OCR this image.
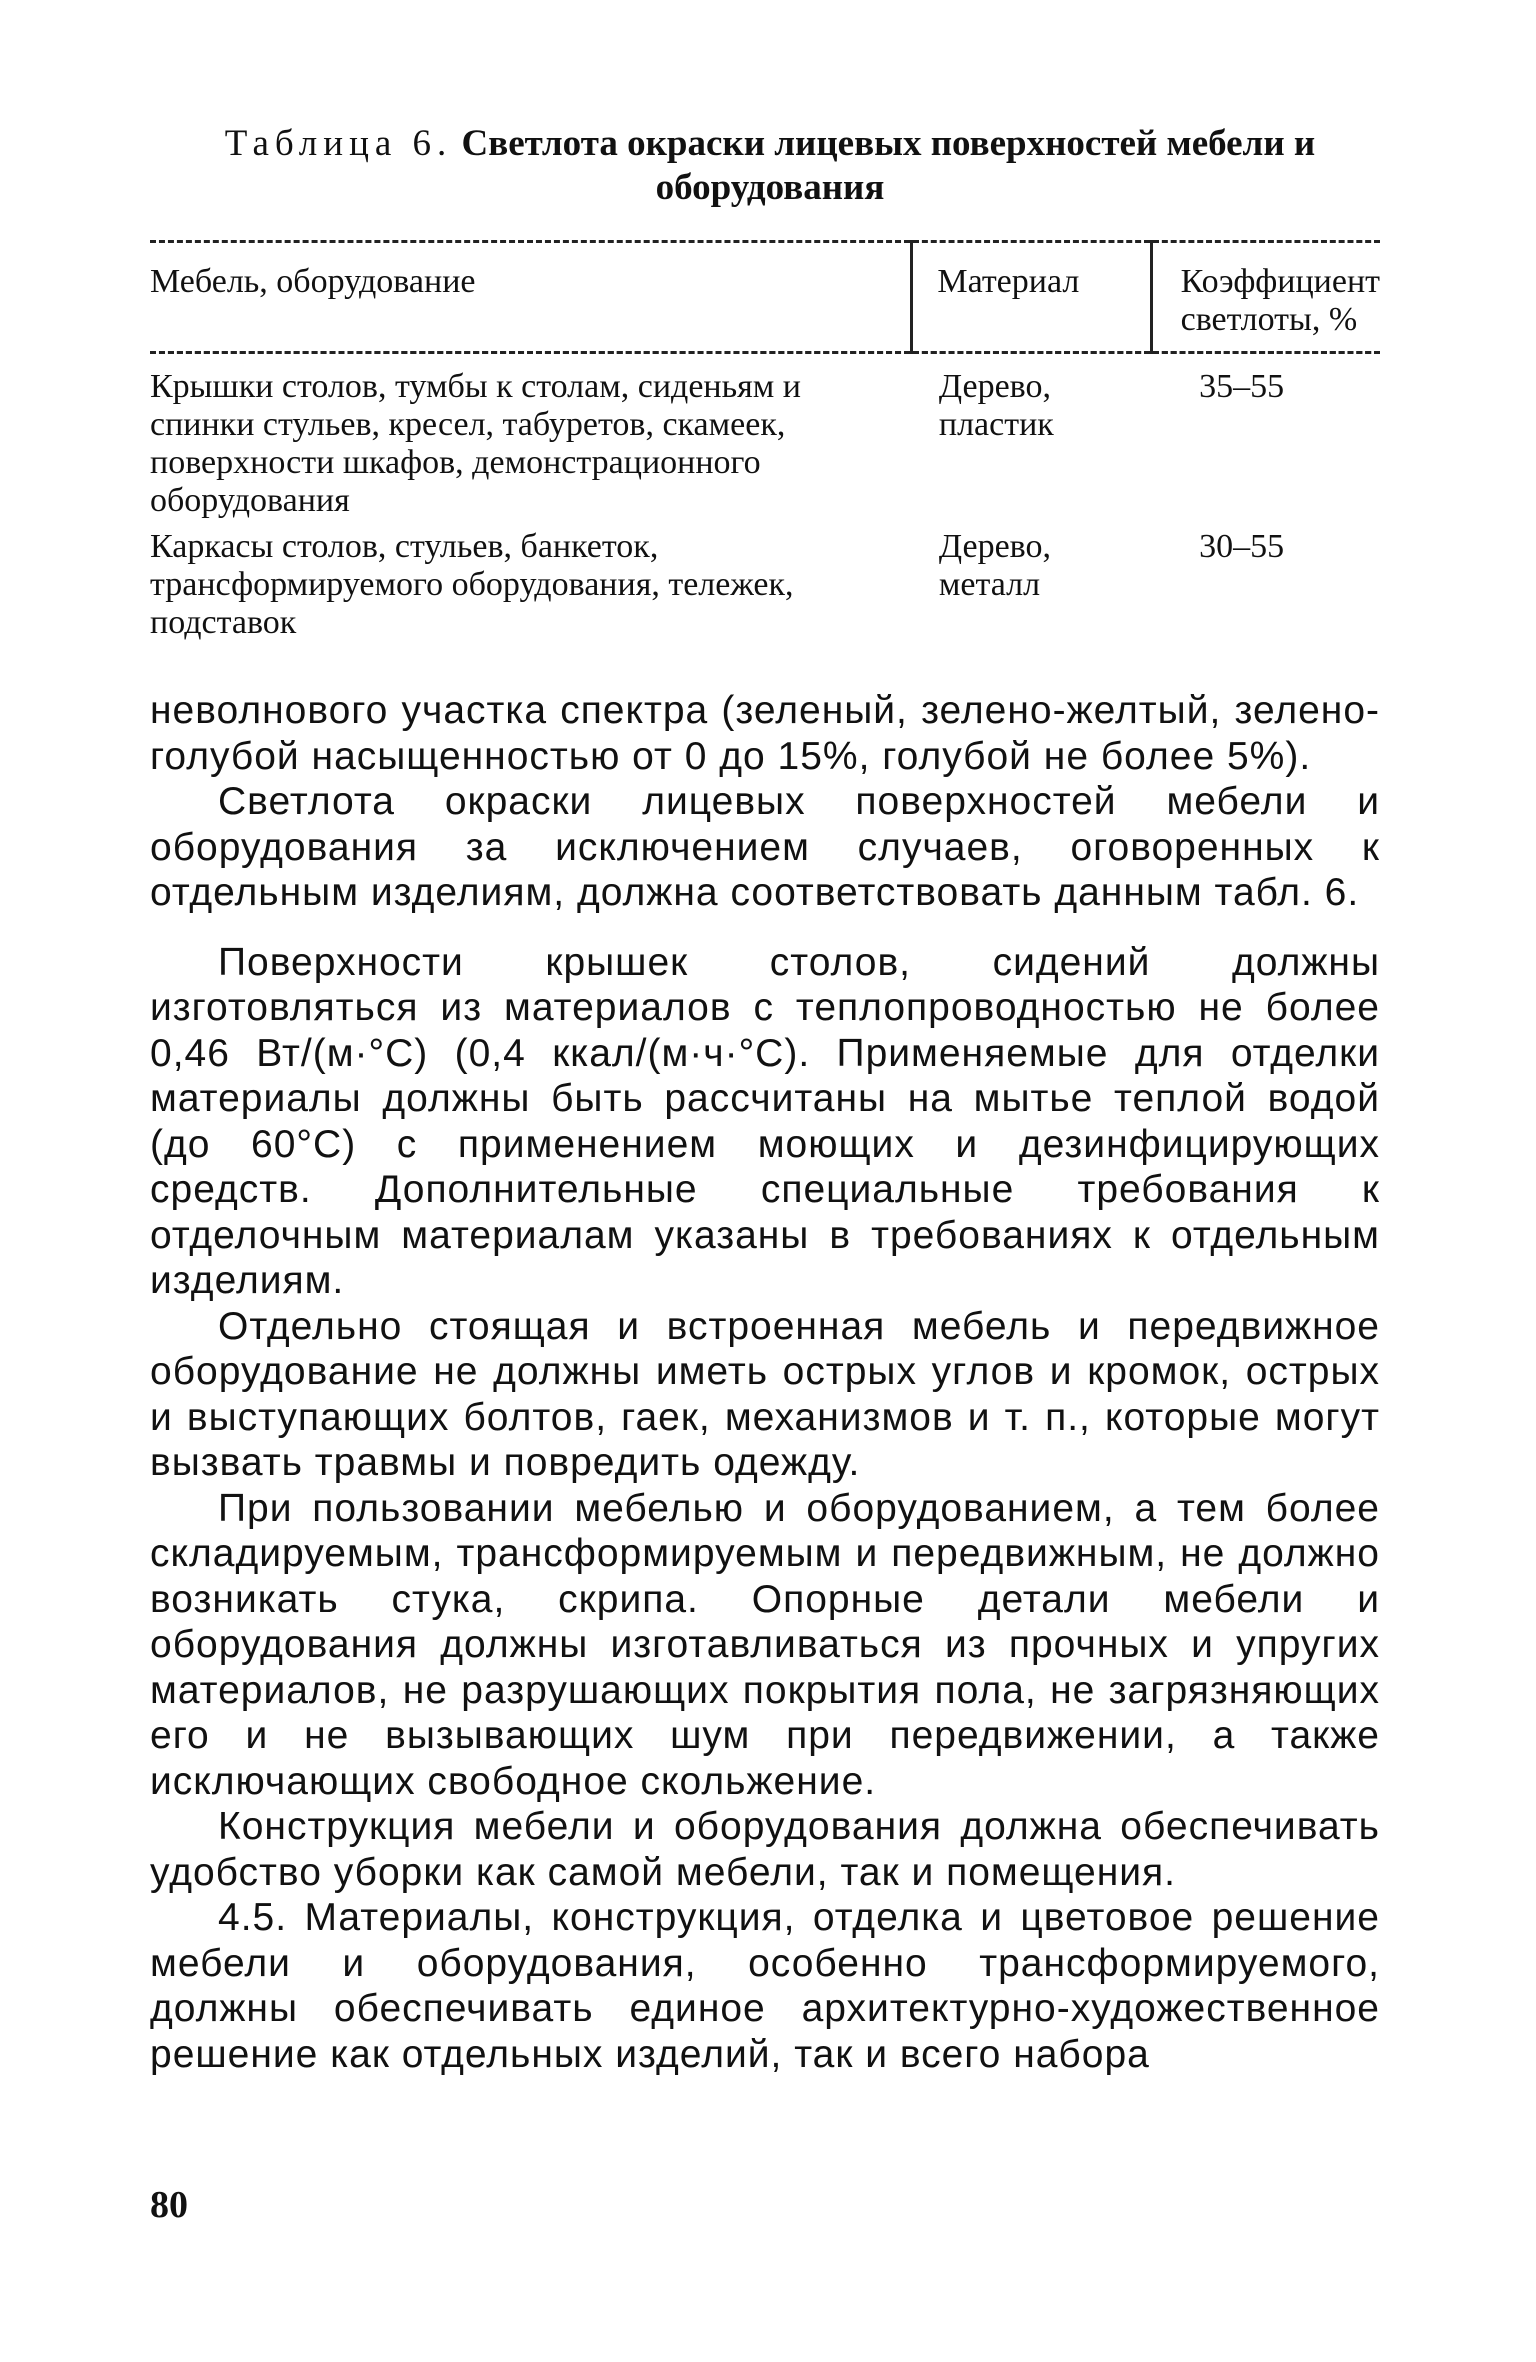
Таблица 6. Светлота окраски лицевых поверхностей мебели и оборудования
Мебель, оборудование	Материал	Коэффициент светлоты, %
Крышки столов, тумбы к столам, сиденьям и спинки стульев, кресел, табуретов, скамеек, поверхности шкафов, демонстрационного оборудования	Дерево, пластик	35–55
Каркасы столов, стульев, банкеток, трансформируемого оборудования, тележек, подставок	Дерево, металл	30–55

неволнового участка спектра (зеленый, зелено-желтый, зелено-голубой насыщенностью от 0 до 15%, голубой не более 5%).

Светлота окраски лицевых поверхностей мебели и оборудования за исключением случаев, оговоренных к отдельным изделиям, должна соответствовать данным табл. 6.

Поверхности крышек столов, сидений должны изготовляться из материалов с теплопроводностью не более 0,46 Вт/(м·°С) (0,4 ккал/(м·ч·°С). Применяемые для отделки материалы должны быть рассчитаны на мытье теплой водой (до 60°С) с применением моющих и дезинфицирующих средств. Дополнительные специальные требования к отделочным материалам указаны в требованиях к отдельным изделиям.

Отдельно стоящая и встроенная мебель и передвижное оборудование не должны иметь острых углов и кромок, острых и выступающих болтов, гаек, механизмов и т. п., которые могут вызвать травмы и повредить одежду.

При пользовании мебелью и оборудованием, а тем более складируемым, трансформируемым и передвижным, не должно возникать стука, скрипа. Опорные детали мебели и оборудования должны изготавливаться из прочных и упругих материалов, не разрушающих покрытия пола, не загрязняющих его и не вызывающих шум при передвижении, а также исключающих свободное скольжение.

Конструкция мебели и оборудования должна обеспечивать удобство уборки как самой мебели, так и помещения.

4.5. Материалы, конструкция, отделка и цветовое решение мебели и оборудования, особенно трансформируемого, должны обеспечивать единое архитектурно-художественное решение как отдельных изделий, так и всего набора

80
